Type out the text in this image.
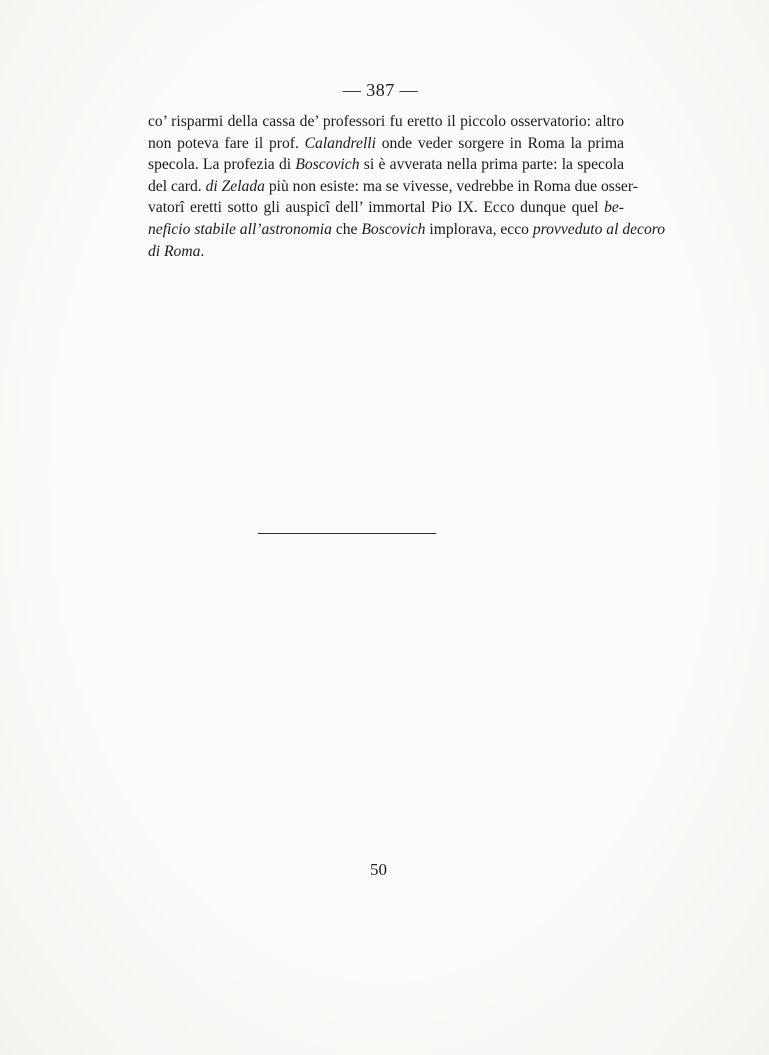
— 387 —
co’ risparmi della cassa de’ professori fu eretto il piccolo osservatorio: altro
non poteva fare il prof. Calandrelli onde veder sorgere in Roma la prima
specola. La profezia di Boscovich si è avverata nella prima parte: la specola
del card. di Zelada più non esiste: ma se vivesse, vedrebbe in Roma due osser-
vatorî eretti sotto gli auspicî dell’ immortal Pio IX. Ecco dunque quel be-
neficio stabile all’astronomia che Boscovich implorava, ecco provveduto al decoro
di Roma.
50
